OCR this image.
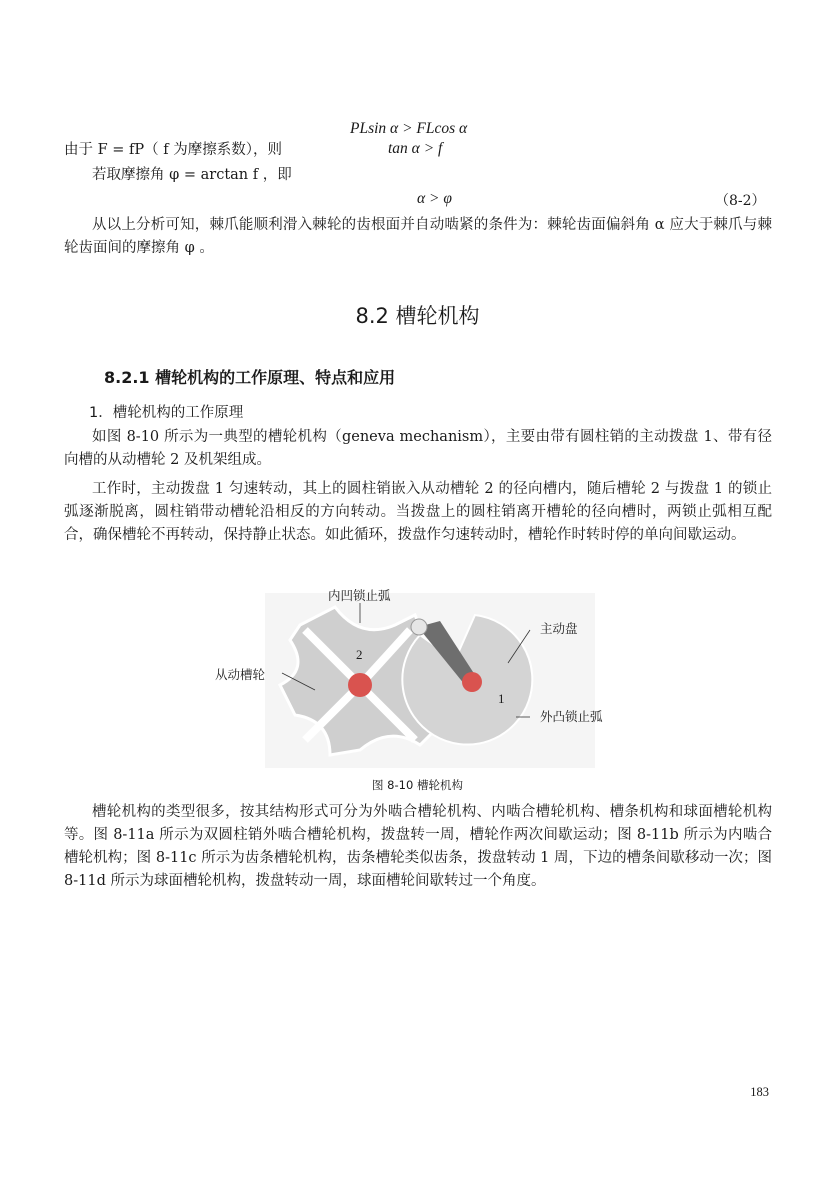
PLsin α > FLcos α
由于 F = fP（ f 为摩擦系数），则	tan α > f
若取摩擦角 φ = arctan f ，即
α > φ	（8-2）
从以上分析可知，棘爪能顺利滑入棘轮的齿根面并自动啮紧的条件为：棘轮齿面偏斜角 α 应大于棘爪与棘轮齿面间的摩擦角 φ 。
8.2 槽轮机构
8.2.1 槽轮机构的工作原理、特点和应用
1．槽轮机构的工作原理
如图 8-10 所示为一典型的槽轮机构（geneva mechanism），主要由带有圆柱销的主动拨盘 1、带有径向槽的从动槽轮 2 及机架组成。
工作时，主动拨盘 1 匀速转动，其上的圆柱销嵌入从动槽轮 2 的径向槽内，随后槽轮 2 与拨盘 1 的锁止弧逐渐脱离，圆柱销带动槽轮沿相反的方向转动。当拨盘上的圆柱销离开槽轮的径向槽时，两锁止弧相互配合，确保槽轮不再转动，保持静止状态。如此循环，拨盘作匀速转动时，槽轮作时转时停的单向间歇运动。
内凹锁止弧
主动盘
从动槽轮
外凸锁止弧
2
1
图 8-10 槽轮机构
槽轮机构的类型很多，按其结构形式可分为外啮合槽轮机构、内啮合槽轮机构、槽条机构和球面槽轮机构等。图 8-11a 所示为双圆柱销外啮合槽轮机构，拨盘转一周，槽轮作两次间歇运动；图 8-11b 所示为内啮合槽轮机构；图 8-11c 所示为齿条槽轮机构，齿条槽轮类似齿条，拨盘转动 1 周，下边的槽条间歇移动一次；图 8-11d 所示为球面槽轮机构，拨盘转动一周，球面槽轮间歇转过一个角度。
183
